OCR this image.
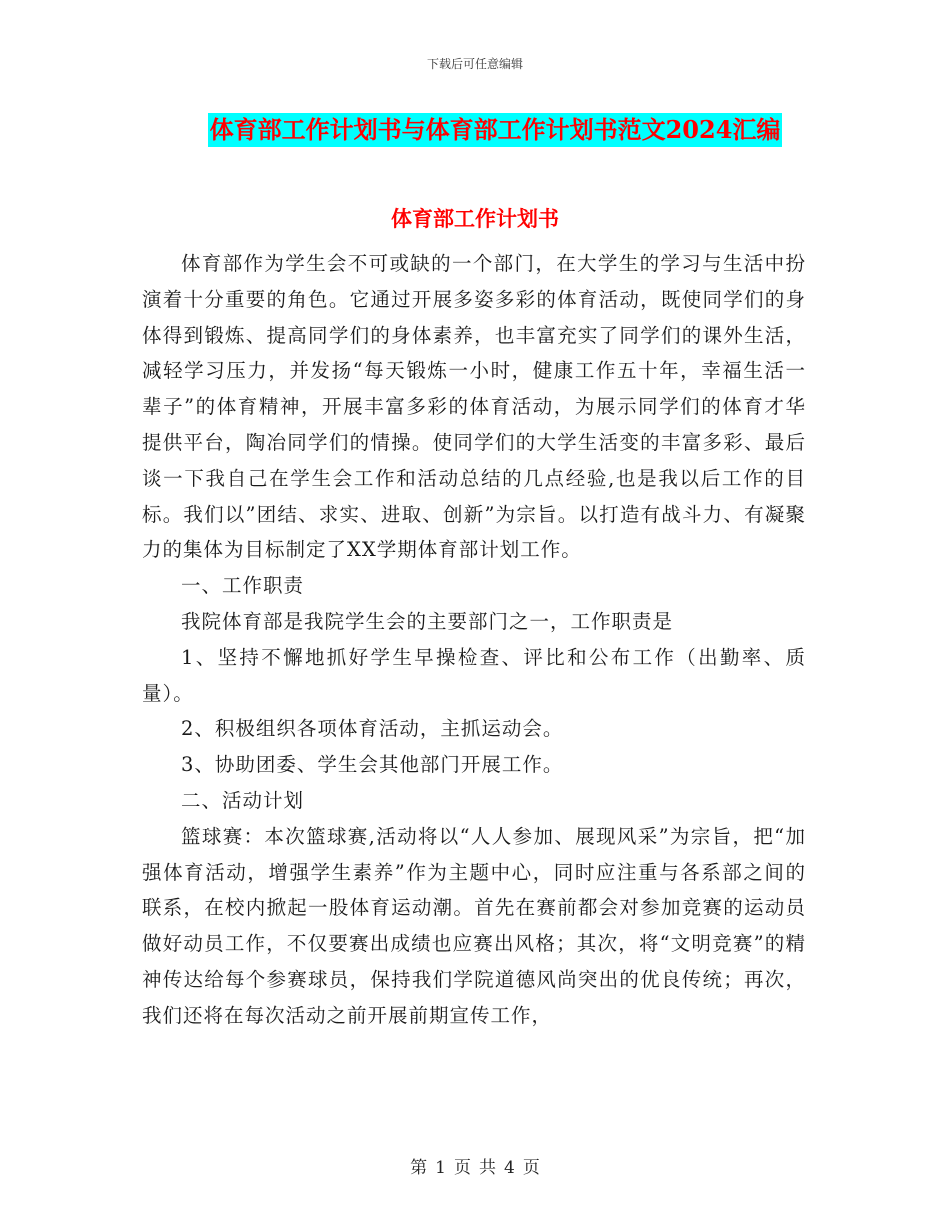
下载后可任意编辑
体育部工作计划书与体育部工作计划书范文2024汇编
体育部工作计划书

体育部作为学生会不可或缺的一个部门，在大学生的学习与生活中扮演着十分重要的角色。它通过开展多姿多彩的体育活动，既使同学们的身体得到锻炼、提高同学们的身体素养，也丰富充实了同学们的课外生活，减轻学习压力，并发扬“每天锻炼一小时，健康工作五十年，幸福生活一辈子”的体育精神，开展丰富多彩的体育活动，为展示同学们的体育才华提供平台，陶冶同学们的情操。使同学们的大学生活变的丰富多彩、最后谈一下我自己在学生会工作和活动总结的几点经验,也是我以后工作的目标。我们以”团结、求实、进取、创新”为宗旨。以打造有战斗力、有凝聚力的集体为目标制定了XX学期体育部计划工作。

一、工作职责

我院体育部是我院学生会的主要部门之一，工作职责是

1、坚持不懈地抓好学生早操检查、评比和公布工作（出勤率、质量）。

2、积极组织各项体育活动，主抓运动会。

3、协助团委、学生会其他部门开展工作。

二、活动计划

篮球赛：本次篮球赛,活动将以“人人参加、展现风采”为宗旨，把“加强体育活动，增强学生素养”作为主题中心，同时应注重与各系部之间的联系，在校内掀起一股体育运动潮。首先在赛前都会对参加竞赛的运动员做好动员工作，不仅要赛出成绩也应赛出风格；其次，将“文明竞赛”的精神传达给每个参赛球员，保持我们学院道德风尚突出的优良传统；再次，我们还将在每次活动之前开展前期宣传工作，

第 1 页 共 4 页
